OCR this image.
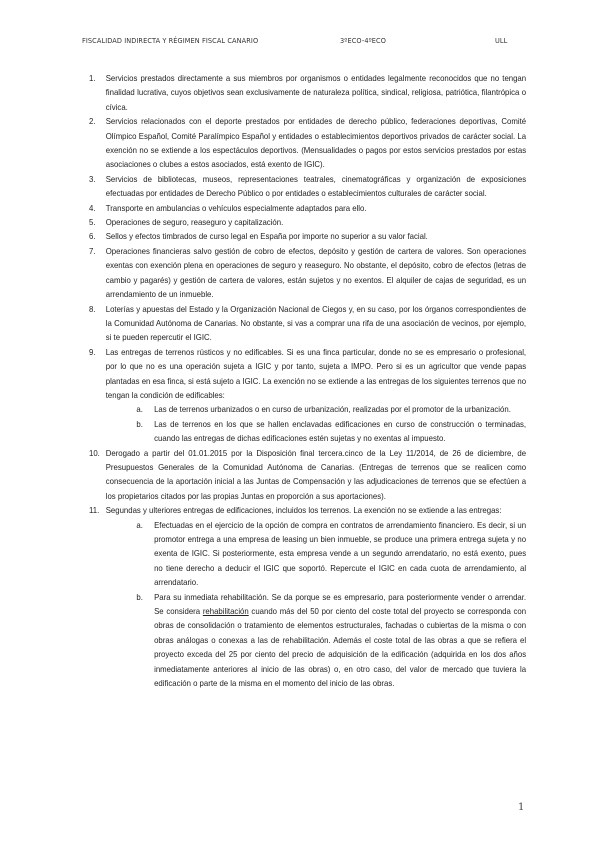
FISCALIDAD INDIRECTA Y RÉGIMEN FISCAL CANARIO	3ºECO-4ºECO	ULL
1.	Servicios prestados directamente a sus miembros por organismos o entidades legalmente reconocidos que no tengan finalidad lucrativa, cuyos objetivos sean exclusivamente de naturaleza política, sindical, religiosa, patriótica, filantrópica o cívica.
2.	Servicios relacionados con el deporte prestados por entidades de derecho público, federaciones deportivas, Comité Olímpico Español, Comité Paralímpico Español y entidades o establecimientos deportivos privados de carácter social. La exención no se extiende a los espectáculos deportivos. (Mensualidades o pagos por estos servicios prestados por estas asociaciones o clubes a estos asociados, está exento de IGIC).
3.	Servicios de bibliotecas, museos, representaciones teatrales, cinematográficas y organización de exposiciones efectuadas por entidades de Derecho Público o por entidades o establecimientos culturales de carácter social.
4.	Transporte en ambulancias o vehículos especialmente adaptados para ello.
5.	Operaciones de seguro, reaseguro y capitalización.
6.	Sellos y efectos timbrados de curso legal en España por importe no superior a su valor facial.
7.	Operaciones financieras salvo gestión de cobro de efectos, depósito y gestión de cartera de valores. Son operaciones exentas con exención plena en operaciones de seguro y reaseguro. No obstante, el depósito, cobro de efectos (letras de cambio y pagarés) y gestión de cartera de valores, están sujetos y no exentos. El alquiler de cajas de seguridad, es un arrendamiento de un inmueble.
8.	Loterías y apuestas del Estado y la Organización Nacional de Ciegos y, en su caso, por los órganos correspondientes de la Comunidad Autónoma de Canarias. No obstante, si vas a comprar una rifa de una asociación de vecinos, por ejemplo, si te pueden repercutir el IGIC.
9.	Las entregas de terrenos rústicos y no edificables. Si es una finca particular, donde no se es empresario o profesional, por lo que no es una operación sujeta a IGIC y por tanto, sujeta a IMPO. Pero si es un agricultor que vende papas plantadas en esa finca, si está sujeto a IGIC. La exención no se extiende a las entregas de los siguientes terrenos que no tengan la condición de edificables:
a. Las de terrenos urbanizados o en curso de urbanización, realizadas por el promotor de la urbanización.
b. Las de terrenos en los que se hallen enclavadas edificaciones en curso de construcción o terminadas, cuando las entregas de dichas edificaciones estén sujetas y no exentas al impuesto.
10. Derogado a partir del 01.01.2015 por la Disposición final tercera.cinco de la Ley 11/2014, de 26 de diciembre, de Presupuestos Generales de la Comunidad Autónoma de Canarias. (Entregas de terrenos que se realicen como consecuencia de la aportación inicial a las Juntas de Compensación y las adjudicaciones de terrenos que se efectúen a los propietarios citados por las propias Juntas en proporción a sus aportaciones).
11. Segundas y ulteriores entregas de edificaciones, incluidos los terrenos. La exención no se extiende a las entregas:
a. Efectuadas en el ejercicio de la opción de compra en contratos de arrendamiento financiero. Es decir, si un promotor entrega a una empresa de leasing un bien inmueble, se produce una primera entrega sujeta y no exenta de IGIC. Si posteriormente, esta empresa vende a un segundo arrendatario, no está exento, pues no tiene derecho a deducir el IGIC que soportó. Repercute el IGIC en cada cuota de arrendamiento, al arrendatario.
b. Para su inmediata rehabilitación. Se da porque se es empresario, para posteriormente vender o arrendar. Se considera rehabilitación cuando más del 50 por ciento del coste total del proyecto se corresponda con obras de consolidación o tratamiento de elementos estructurales, fachadas o cubiertas de la misma o con obras análogas o conexas a las de rehabilitación. Además el coste total de las obras a que se refiera el proyecto exceda del 25 por ciento del precio de adquisición de la edificación (adquirida en los dos años inmediatamente anteriores al inicio de las obras) o, en otro caso, del valor de mercado que tuviera la edificación o parte de la misma en el momento del inicio de las obras.
1
